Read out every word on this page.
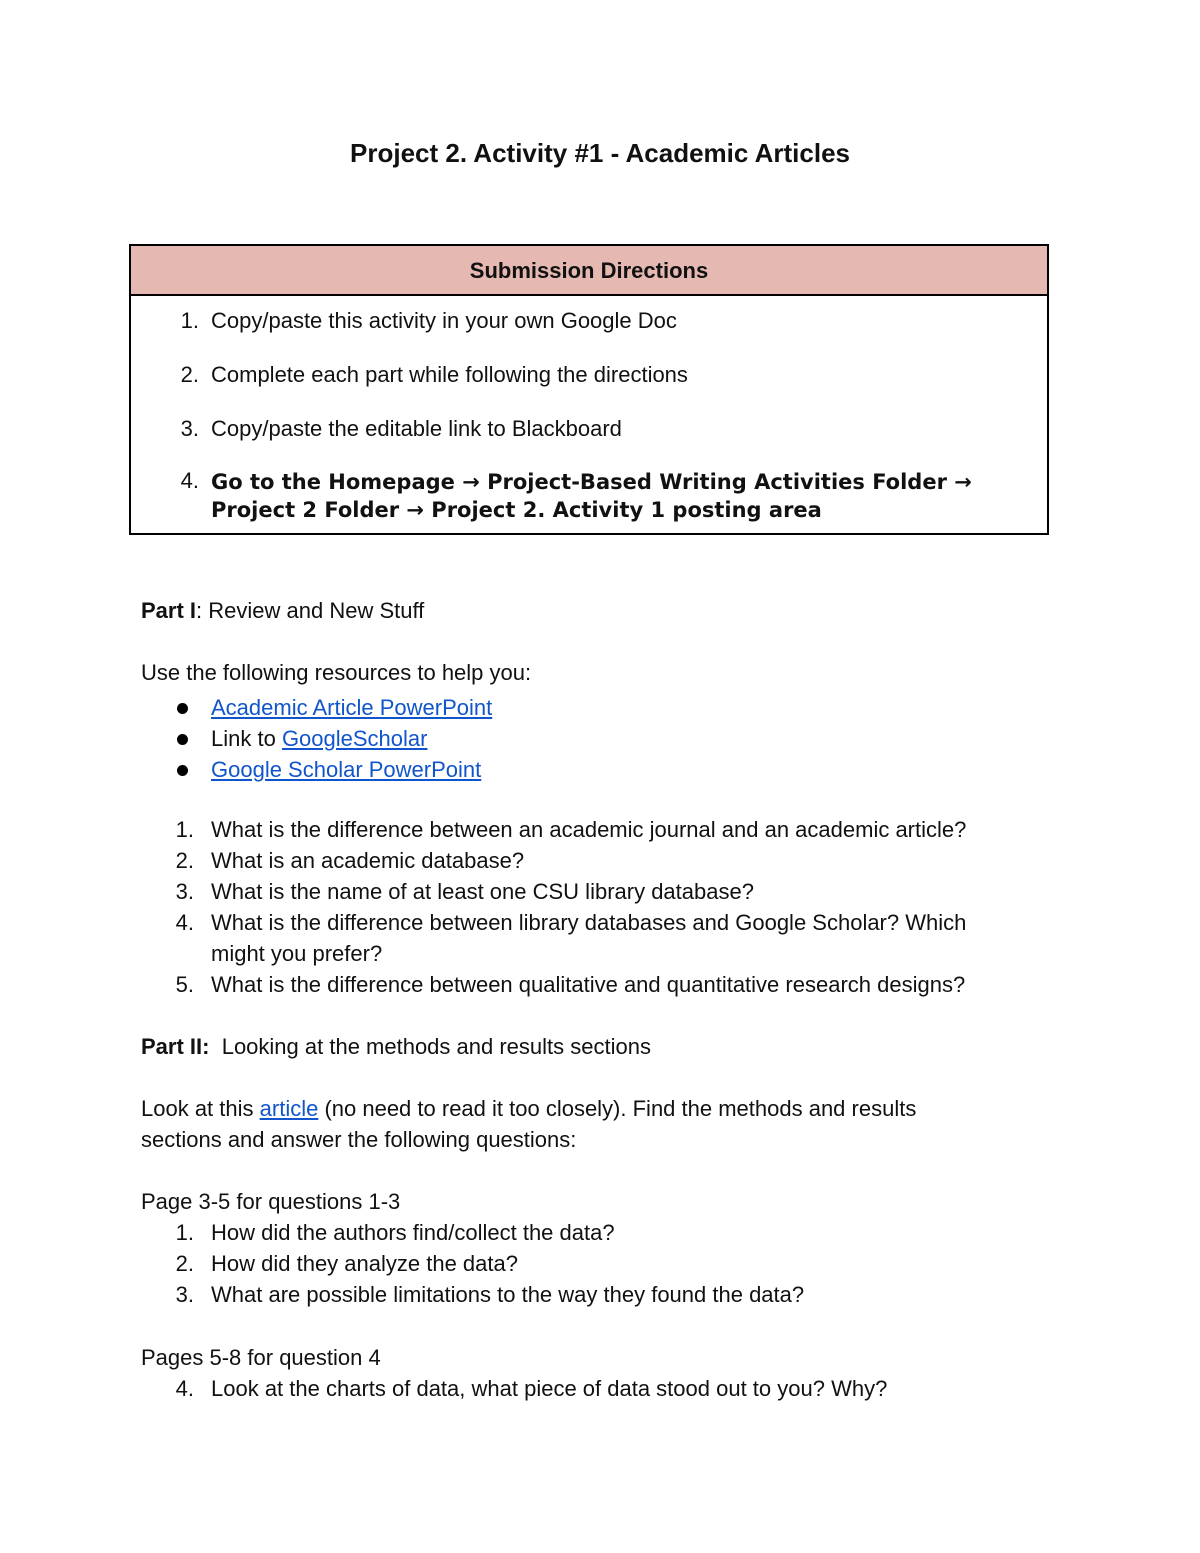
Project 2. Activity #1 - Academic Articles
Submission Directions
1. Copy/paste this activity in your own Google Doc
2. Complete each part while following the directions
3. Copy/paste the editable link to Blackboard
4. Go to the Homepage → Project-Based Writing Activities Folder →
Project 2 Folder → Project 2. Activity 1 posting area
Part I: Review and New Stuff
Use the following resources to help you:
Academic Article PowerPoint
Link to GoogleScholar
Google Scholar PowerPoint
1. What is the difference between an academic journal and an academic article?
2. What is an academic database?
3. What is the name of at least one CSU library database?
4. What is the difference between library databases and Google Scholar? Which
might you prefer?
5. What is the difference between qualitative and quantitative research designs?
Part II: Looking at the methods and results sections
Look at this article (no need to read it too closely). Find the methods and results
sections and answer the following questions:
Page 3-5 for questions 1-3
1. How did the authors find/collect the data?
2. How did they analyze the data?
3. What are possible limitations to the way they found the data?
Pages 5-8 for question 4
4. Look at the charts of data, what piece of data stood out to you? Why?
